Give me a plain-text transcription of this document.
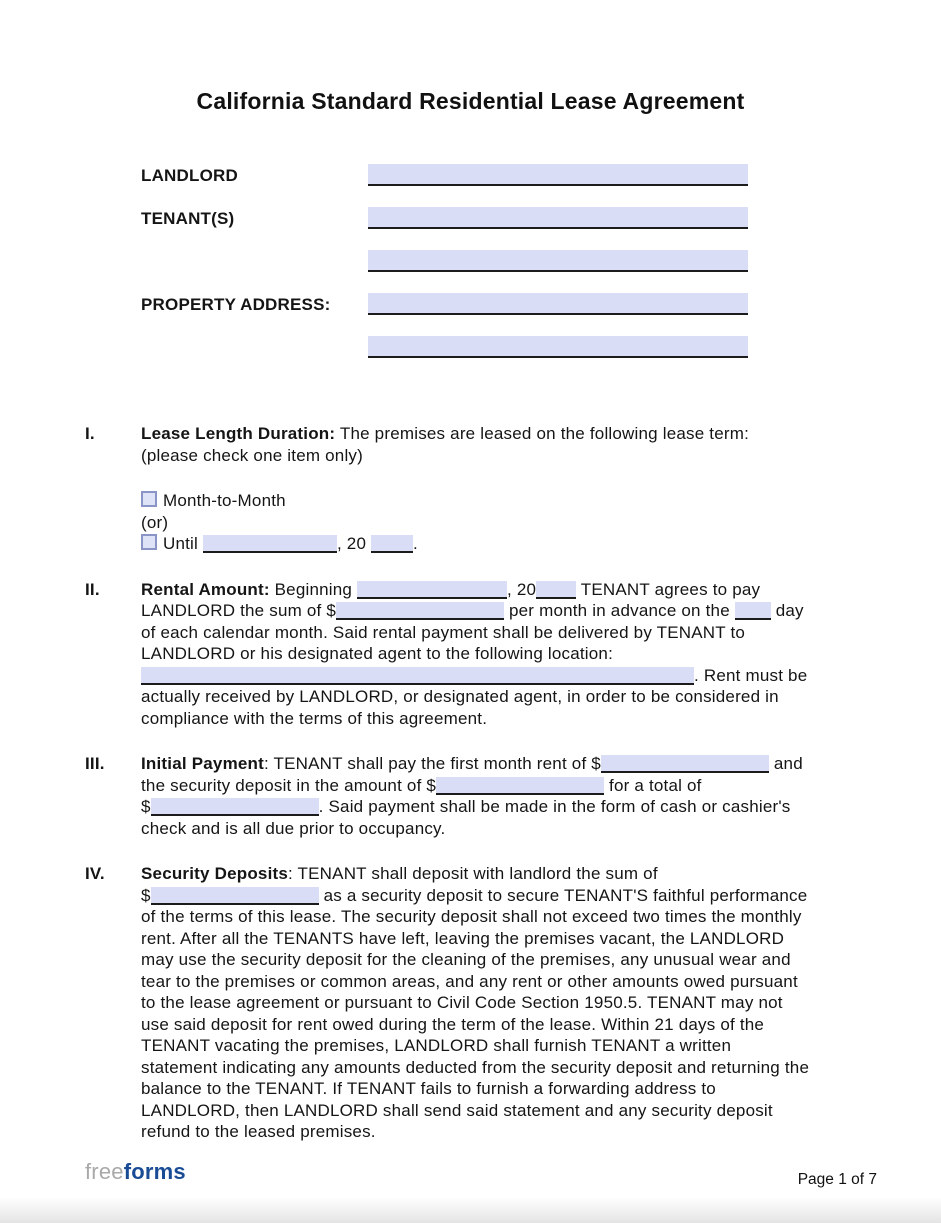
California Standard Residential Lease Agreement
LANDLORD
TENANT(S)
PROPERTY ADDRESS:
I.	Lease Length Duration: The premises are leased on the following lease term:
(please check one item only)
Month-to-Month
(or)
Until	, 20 .
II.	Rental Amount: Beginning	, 20 TENANT agrees to pay
LANDLORD the sum of $	per month in advance on the  day
of each calendar month. Said rental payment shall be delivered by TENANT to
LANDLORD or his designated agent to the following location:
. Rent must be
actually received by LANDLORD, or designated agent, in order to be considered in
compliance with the terms of this agreement.
III.	Initial Payment: TENANT shall pay the first month rent of $	and
the security deposit in the amount of $	for a total of
$	. Said payment shall be made in the form of cash or cashier's
check and is all due prior to occupancy.
IV.	Security Deposits: TENANT shall deposit with landlord the sum of
$	as a security deposit to secure TENANT'S faithful performance
of the terms of this lease. The security deposit shall not exceed two times the monthly
rent. After all the TENANTS have left, leaving the premises vacant, the LANDLORD
may use the security deposit for the cleaning of the premises, any unusual wear and
tear to the premises or common areas, and any rent or other amounts owed pursuant
to the lease agreement or pursuant to Civil Code Section 1950.5. TENANT may not
use said deposit for rent owed during the term of the lease. Within 21 days of the
TENANT vacating the premises, LANDLORD shall furnish TENANT a written
statement indicating any amounts deducted from the security deposit and returning the
balance to the TENANT. If TENANT fails to furnish a forwarding address to
LANDLORD, then LANDLORD shall send said statement and any security deposit
refund to the leased premises.
freeforms	Page 1 of 7
